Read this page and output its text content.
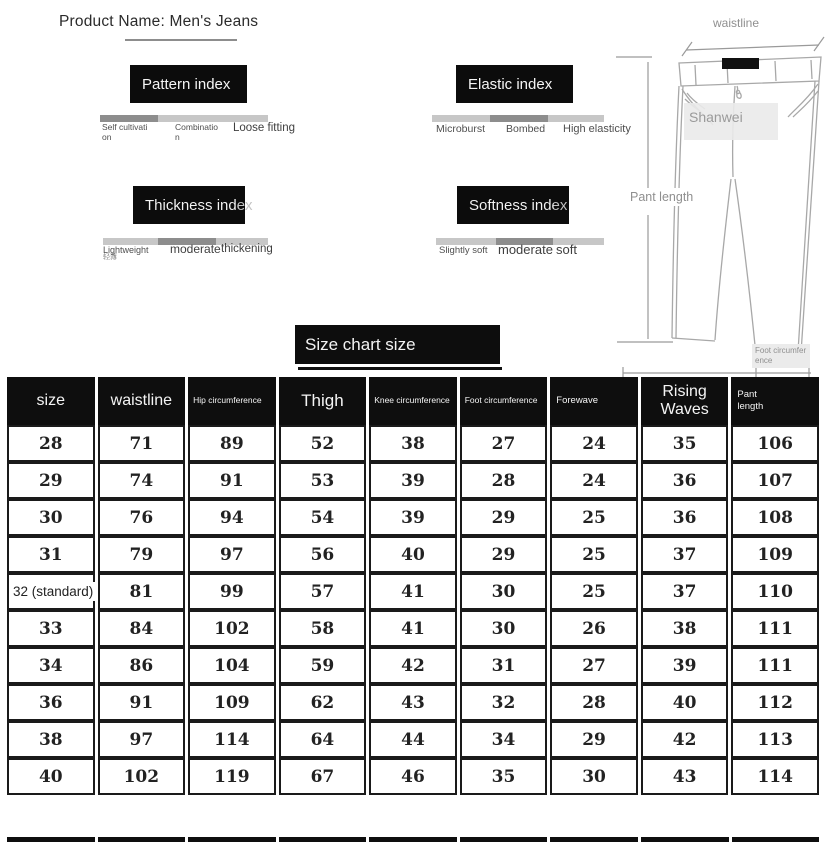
Product Name: Men's Jeans
Pattern index
Self cultivation
Combination
Loose fitting
Elastic index
Microburst Bombed High elasticity
Thickness index
Lightweight
轻薄
moderate thickening
Softness index
Slightly soft moderate soft
waistline
Shanwei
Pant length
Foot circumference
Size chart size
size	waistline	Hip circumference	Thigh	Knee circumference	Foot circumference	Forewave	Rising Waves	Pant length
28	71	89	52	38	27	24	35	106
29	74	91	53	39	28	24	36	107
30	76	94	54	39	29	25	36	108
31	79	97	56	40	29	25	37	109
32 (standard)	81	99	57	41	30	25	37	110
33	84	102	58	41	30	26	38	111
34	86	104	59	42	31	27	39	111
36	91	109	62	43	32	28	40	112
38	97	114	64	44	34	29	42	113
40	102	119	67	46	35	30	43	114
